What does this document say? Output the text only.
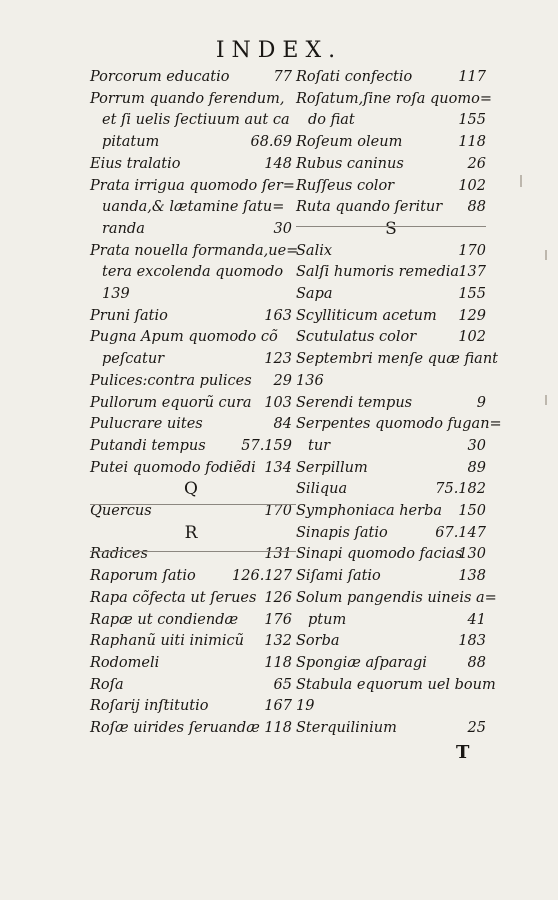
INDEX.
Porcorum educatio	77
Porrum quando ferendum,
et ſi uelis ſectiuum aut ca
pitatum	68.69
Eius tralatio	148
Prata irrigua quomodo ſer=
uanda,& lætamine ſatu=
randa	30
Prata nouella formanda,ue=
tera excolenda quomodo
139
Pruni ſatio	163
Pugna Apum quomodo cõ
peſcatur	123
Pulices:contra pulices 29
Pullorum equorũ cura 103
Pulucrare uites	84
Putandi tempus 57.159
Putei quomodo fodiẽdi 134
Q
Quercus	170
R
Radices	131
Raporum ſatio	126.127
Rapa cõfecta ut ſerues 126
Rapæ ut condiendæ 176
Raphanũ uiti inimicũ 132
Rodomeli	118
Roſa	65
Roſarij inſtitutio	167
Roſæ uirides ſeruandæ 118
Roſati confectio	117
Roſatum,ſine roſa quomo=
do fiat	155
Roſeum oleum	118
Rubus caninus	26
Ruſſeus color	102
Ruta quando ſeritur 88
S
Salix	170
Salſi humoris remedia 137
Sapa	155
Scylliticum acetum 129
Scutulatus color	102
Septembri menſe quæ fiant
136
Serendi tempus	9
Serpentes quomodo fugan=
tur	30
Serpillum	89
Siliqua	75.182
Symphoniaca herba 150
Sinapis ſatio	67.147
Sinapi quomodo facias
130
Siſami ſatio	138
Solum pangendis uineis a=
ptum	41
Sorba	183
Spongiæ aſparagi	88
Stabula equorum uel boum
19
Sterquilinium	25
T
